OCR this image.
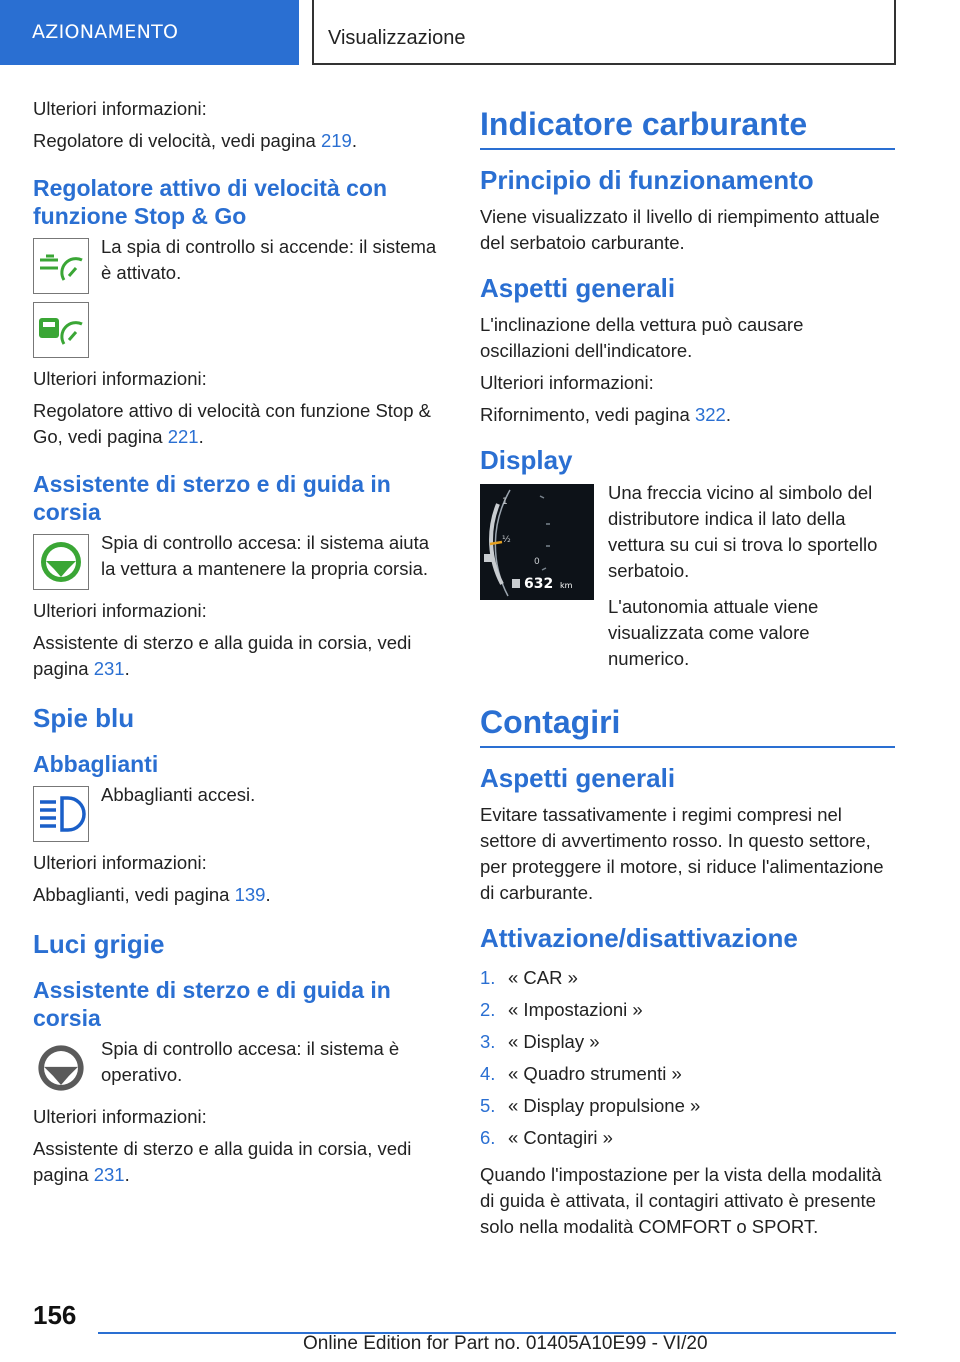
AZIONAMENTO	Visualizzazione

Ulteriori informazioni:

Regolatore di velocità, vedi pagina 219.

Regolatore attivo di velocità con funzione Stop & Go

La spia di controllo si accende: il sistema è attivato.

Ulteriori informazioni:

Regolatore attivo di velocità con funzione Stop & Go, vedi pagina 221.

Assistente di sterzo e di guida in corsia

Spia di controllo accesa: il sistema aiuta la vettura a mantenere la propria corsia.

Ulteriori informazioni:

Assistente di sterzo e alla guida in corsia, vedi pagina 231.

Spie blu
Abbaglianti

Abbaglianti accesi.

Ulteriori informazioni:

Abbaglianti, vedi pagina 139.

Luci grigie
Assistente di sterzo e di guida in corsia

Spia di controllo accesa: il sistema è operativo.

Ulteriori informazioni:

Assistente di sterzo e alla guida in corsia, vedi pagina 231.

Indicatore carburante
Principio di funzionamento

Viene visualizzato il livello di riempimento attuale del serbatoio carburante.

Aspetti generali

L'inclinazione della vettura può causare oscillazioni dell'indicatore.

Ulteriori informazioni:

Rifornimento, vedi pagina 322.

Display
1
½
0
632 km

Una freccia vicino al simbolo del distributore indica il lato della vettura su cui si trova lo sportello serbatoio.

L'autonomia attuale viene visualizzata come valore numerico.

Contagiri
Aspetti generali

Evitare tassativamente i regimi compresi nel settore di avvertimento rosso. In questo settore, per proteggere il motore, si riduce l'alimentazione di carburante.

Attivazione/disattivazione
1. « CAR »
2. « Impostazioni »
3. « Display »
4. « Quadro strumenti »
5. « Display propulsione »
6. « Contagiri »

Quando l'impostazione per la vista della modalità di guida è attivata, il contagiri attivato è presente solo nella modalità COMFORT o SPORT.

156
Online Edition for Part no. 01405A10E99 - VI/20
